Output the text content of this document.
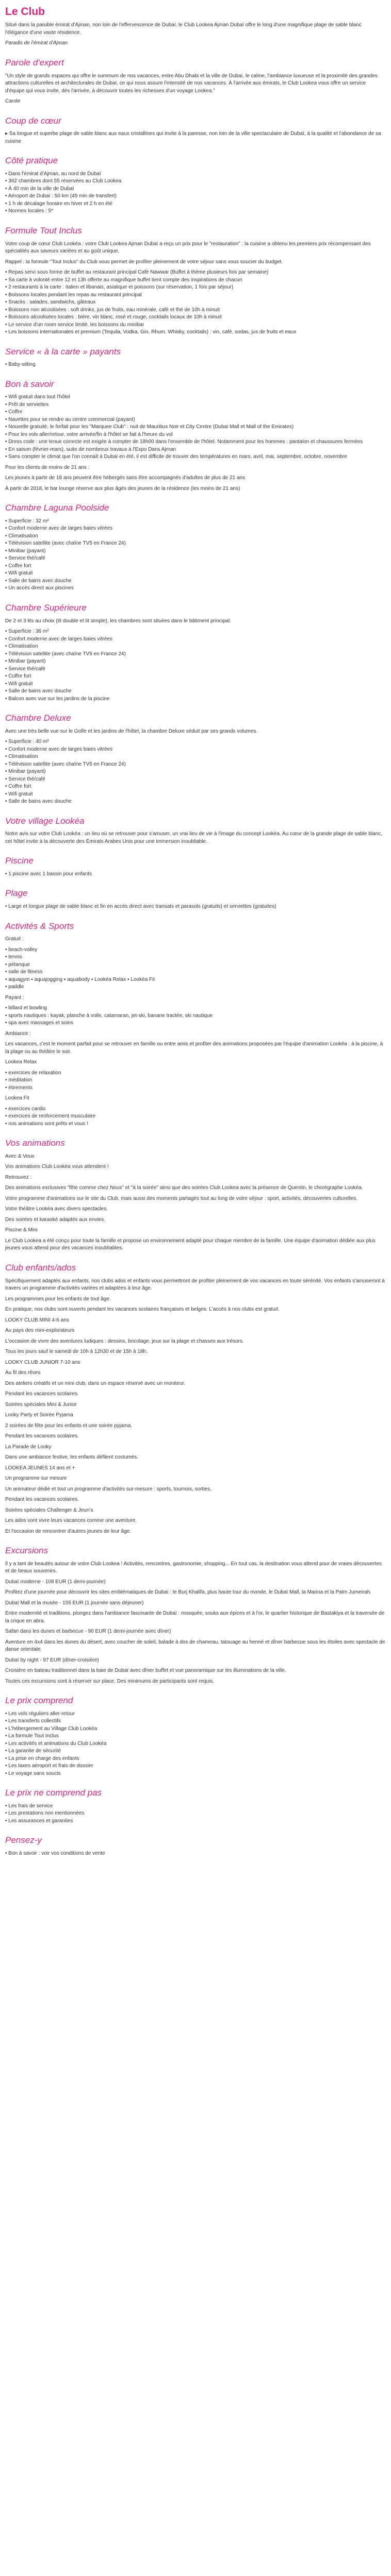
Le Club

Situé dans la paisible émirat d'Ajman, non loin de l'effervescence de Dubaï, le Club Lookea Ajman Dubaï offre le long d'une magnifique plage de sable blanc l'élégance d'une vaste résidence.

Paradis de l'émirat d'Ajman

Parole d'expert

"Un style de grands espaces qui offre le summum de nos vacances, entre Abu Dhabi et la ville de Dubaï, le calme, l'ambiance luxueuse et la proximité des grandes attractions culturelles et architecturales de Dubaï, ce qui nous assure l'intensité de nos vacances. À l'arrivée aux émirats, le Club Lookea vous offre un service d'équipe qui vous invite, dès l'arrivée, à découvrir toutes les richesses d'un voyage Lookea."

Carole

Coup de cœur

▸ Sa longue et superbe plage de sable blanc aux eaux cristallines qui invite à la paresse, non loin de la ville spectaculaire de Dubaï, à la qualité et l'abondance de sa cuisine

Côté pratique
• Dans l'émirat d'Ajman, au nord de Dubaï
• 362 chambres dont 55 réservées au Club Lookea
• À 40 min de la ville de Dubaï
• Aéroport de Dubaï : 50 km (45 min de transfert)
• 1 h de décalage horaire en hiver et 2 h en été
• Normes locales : 5*
Formule Tout Inclus

Votre coup de cœur Club Lookéa : votre Club Lookea Ajman Dubaï a reçu un prix pour le "restauration" : la cuisine a obtenu les premiers prix récompensant des spécialités aux saveurs variées et au goût unique.

Rappel : la formule "Tout Inclus" du Club vous permet de profiter pleinement de votre séjour sans vous soucier du budget.

• Repas servi sous forme de buffet au restaurant principal Café Nawwar (Buffet à thème plusieurs fois par semaine)
• Sa carte à volonté entre 12 et 13h offerte au magnifique buffet tient compte des inspirations de chacun
• 2 restaurants à la carte : italien et libanais, asiatique et poissons (sur réservation, 1 fois par séjour)
• Boissons locales pendant les repas au restaurant principal
• Snacks : salades, sandwichs, gâteaux
• Boissons non alcoolisées : soft drinks, jus de fruits, eau minérale, café et thé de 10h à minuit
• Boissons alcoolisées locales : bière, vin blanc, rosé et rouge, cocktails locaux de 10h à minuit
• Le service d'un room service limité, les boissons du minibar
• Les boissons internationales et premium (Tequila, Vodka, Gin, Rhum, Whisky, cocktails) : vin, café, sodas, jus de fruits et eaux
Service « à la carte » payants
• Baby-sitting
Bon à savoir
• Wifi gratuit dans tout l'hôtel
• Prêt de serviettes
• Coffre
• Navettes pour se rendre au centre commercial (payant)
• Nouvelle gratuité, le forfait pour les "Marquee Club" : nuit de Mauritius Noir et City Centre (Dubai Mall et Mall of the Emirates)
• Pour les vols aller/retour, votre arrivée/fin à l'hôtel se fait à l'heure du vol
• Dress code : une tenue correcte est exigée à compter de 18h00 dans l'ensemble de l'hôtel. Notamment pour les hommes : pantalon et chaussures fermées
• En saison (février-mars), suite de nombreux travaux à l'Expo Dans Ajman
• Sans compter le climat que l'on connaît à Dubaï en été, il est difficile de trouver des températures en mars, avril, mai, septembre, octobre, novembre

Pour les clients de moins de 21 ans :

Les jeunes à partir de 18 ans peuvent être hébergés sans être accompagnés d'adultes de plus de 21 ans

À partir de 2018, le bar lounge réserve aux plus âgés des jeunes de la résidence (les moins de 21 ans)

Chambre Laguna Poolside
• Superficie : 32 m²
• Confort moderne avec de larges baies vitrées
• Climatisation
• Télévision satellite (avec chaîne TV5 en France 24)
• Minibar (payant)
• Service thé/café
• Coffre fort
• Wifi gratuit
• Salle de bains avec douche
• Un accès direct aux piscines
Chambre Supérieure

De 2 et 3 lits au choix (lit double et lit simple), les chambres sont situées dans le bâtiment principal.

• Superficie : 36 m²
• Confort moderne avec de larges baies vitrées
• Climatisation
• Télévision satellite (avec chaîne TV5 en France 24)
• Minibar (payant)
• Service thé/café
• Coffre fort
• Wifi gratuit
• Salle de bains avec douche
• Balcon avec vue sur les jardins de la piscine
Chambre Deluxe

Avec une très belle vue sur le Golfe et les jardins de l'hôtel, la chambre Deluxe séduit par ses grands volumes.

• Superficie : 40 m²
• Confort moderne avec de larges baies vitrées
• Climatisation
• Télévision satellite (avec chaîne TV5 en France 24)
• Minibar (payant)
• Service thé/café
• Coffre fort
• Wifi gratuit
• Salle de bains avec douche
Votre village Lookéa

Notre avis sur votre Club Lookéa : un lieu où se retrouver pour s'amuser, un vrai lieu de vie à l'image du concept Lookéa. Au cœur de la grande plage de sable blanc, cet hôtel invite à la découverte des Émirats Arabes Unis pour une immersion inoubliable.

Piscine
• 1 piscine avec 1 bassin pour enfants
Plage
• Large et longue plage de sable blanc et fin en accès direct avec transats et parasols (gratuits) et serviettes (gratuites)
Activités & Sports

Gratuit :

• beach-volley
• tennis
• pétanque
• salle de fitness
• aquagym ▪ aquajogging ▪ aquabody ▪ Lookéa Relax ▪ Lookéa Fit
• paddle

Payant :

• billard et bowling
• sports nautiques : kayak, planche à voile, catamaran, jet-ski, banane tractée, ski nautique
• spa avec massages et soins

Ambiance :

Les vacances, c'est le moment parfait pour se retrouver en famille ou entre amis et profiter des animations proposées par l'équipe d'animation Lookéa : à la piscine, à la plage ou au théâtre le soir.

Lookea Relax

• exercices de relaxation
• méditation
• étirements

Lookea Fit

• exercices cardio
• exercices de renforcement musculaire
• nos animations sont prêts et vous !
Vos animations

Avec & Vous

Vos animations Club Lookéa vous attendent !

Retrouvez :

Des animations exclusives "fête comme chez Nous" et "à la soirée" ainsi que des soirées Club Lookea avec la présence de Quentin, le chorégraphe Lookéa.

Votre programme d'animations sur le site du Club, mais aussi des moments partagés tout au long de votre séjour : sport, activités, découvertes culturelles.

Votre théâtre Lookéa avec divers spectacles.

Des soirées et karaoké adaptés aux envies.

Piscine & Mini

Le Club Lookea a été conçu pour toute la famille et propose un environnement adapté pour chaque membre de la famille. Une équipe d'animation dédiée aux plus jeunes vous attend pour des vacances inoubliables.

Club enfants/ados

Spécifiquement adaptés aux enfants, nos clubs ados et enfants vous permettront de profiter pleinement de vos vacances en toute sérénité. Vos enfants s'amuseront à travers un programme d'activités variées et adaptées à leur âge.

Les programmes pour les enfants de tout âge.

En pratique, nos clubs sont ouverts pendant les vacances scolaires françaises et belges. L'accès à nos clubs est gratuit.

LOOKY CLUB MINI 4-6 ans

Au pays des mini-explorateurs

L'occasion de vivre des aventures ludiques : dessins, bricolage, jeux sur la plage et chasses aux trésors.

Tous les jours sauf le samedi de 10h à 12h30 et de 15h à 18h.

LOOKY CLUB JUNIOR 7-10 ans

Au fil des rêves

Des ateliers créatifs et un mini club, dans un espace réservé avec un moniteur.

Pendant les vacances scolaires.

Soirées spéciales Mini & Junior

Looky Party et Soirée Pyjama

2 soirées de fête pour les enfants et une soirée pyjama.

Pendant les vacances scolaires.

La Parade de Looky

Dans une ambiance festive, les enfants défilent costumés.

LOOKEA JEUNES 14 ans et +

Un programme sur mesure

Un animateur dédié et tout un programme d'activités sur-mesure : sports, tournois, sorties.

Pendant les vacances scolaires.

Soirées spéciales Challenger & Jeun's

Les ados vont vivre leurs vacances comme une aventure.

Et l'occasion de rencontrer d'autres jeunes de leur âge.

Excursions

Il y a tant de beautés autour de votre Club Lookea ! Activités, rencontres, gastronomie, shopping... En tout cas, la destination vous attend pour de vraies découvertes et de beaux souvenirs.

Dubaï moderne - 108 EUR (1 demi-journée)

Profitez d'une journée pour découvrir les sites emblématiques de Dubaï : le Burj Khalifa, plus haute tour du monde, le Dubaï Mall, la Marina et la Palm Jumeirah.

Dubaï Mall et la musée - 155 EUR (1 journée sans déjeuner)

Entre modernité et traditions, plongez dans l'ambiance fascinante de Dubaï : mosquée, souks aux épices et à l'or, le quartier historique de Bastakiya et la traversée de la crique en abra.

Safari dans les dunes et barbecue - 90 EUR (1 demi-journée avec dîner)

Aventure en 4x4 dans les dunes du désert, avec coucher de soleil, balade à dos de chameau, tatouage au henné et dîner barbecue sous les étoiles avec spectacle de danse orientale.

Dubaï by night - 97 EUR (dîner-croisière)

Croisière en bateau traditionnel dans la baie de Dubaï avec dîner buffet et vue panoramique sur les illuminations de la ville.

Toutes ces excursions sont à réserver sur place. Des minimums de participants sont requis.

Le prix comprend
• Les vols réguliers aller-retour
• Les transferts collectifs
• L'hébergement au Village Club Lookéa
• La formule Tout Inclus
• Les activités et animations du Club Lookéa
• La garantie de sécurité
• La prise en charge des enfants
• Les taxes aéroport et frais de dossier
• Le voyage sans soucis
Le prix ne comprend pas
• Les frais de service
• Les prestations non mentionnées
• Les assurances et garanties
Pensez-y
• Bon à savoir : voir vos conditions de vente
